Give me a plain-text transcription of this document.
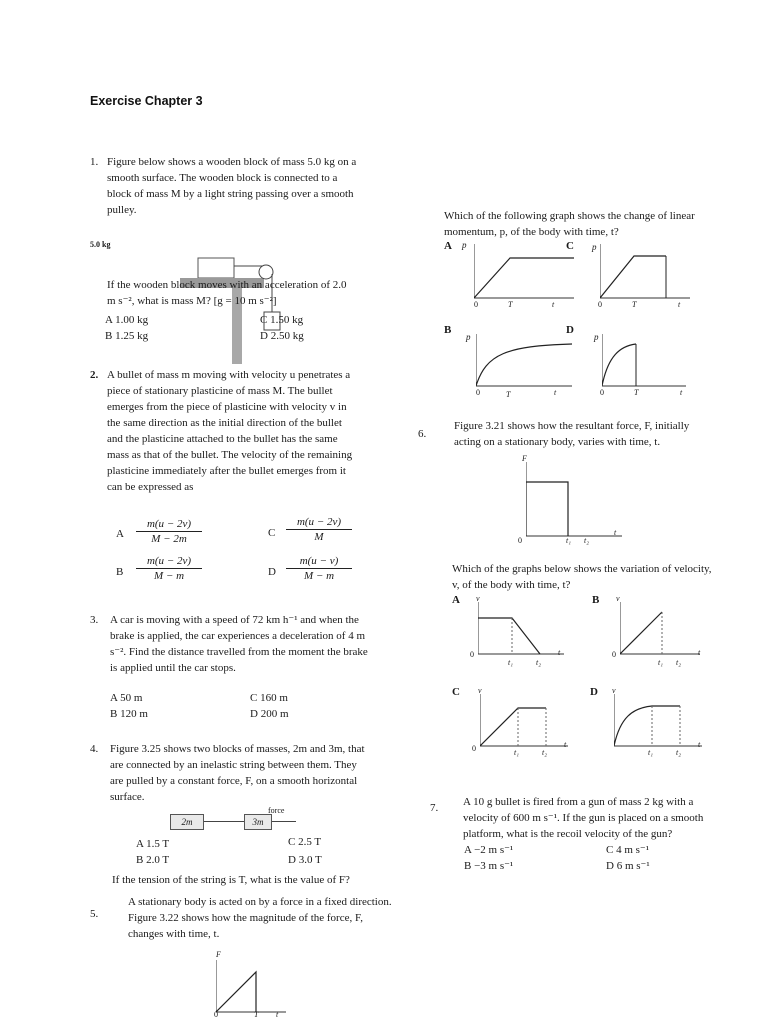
Exercise Chapter 3
1. Figure below shows a wooden block of mass 5.0 kg on a smooth surface. The wooden block is connected to a block of mass M by a light string passing over a smooth pulley.
5.0 kg
If the wooden block moves with an acceleration of 2.0 m s⁻², what is mass M? [g = 10 m s⁻²]
A 1.00 kg	C 1.50 kg
B 1.25 kg	D 2.50 kg
Which of the following graph shows the change of linear momentum, p, of the body with time, t?
A p
0	T	t
C p
0	T	t
B
p
0	T	t
D
p
0	T	t
2. A bullet of mass m moving with velocity u penetrates a piece of stationary plasticine of mass M. The bullet emerges from the piece of plasticine with velocity v in the same direction as the initial direction of the bullet and the plasticine attached to the bullet has the same mass as that of the bullet. The velocity of the remaining plasticine immediately after the bullet emerges from it can be expressed as
A $\frac{m(u - 2v)}{M - 2m}$	C $\frac{m(u - 2v)}{M}$
B $\frac{m(u - 2v)}{M - m}$	D $\frac{m(u - v)}{M - m}$
3. A car is moving with a speed of 72 km h⁻¹ and when the brake is applied, the car experiences a deceleration of 4 m s⁻². Find the distance travelled from the moment the brake is applied until the car stops.
A 50 m	C 160 m
B 120 m	D 200 m
4. Figure 3.25 shows two blocks of masses, 2m and 3m, that are connected by an inelastic string between them. They are pulled by a constant force, F, on a smooth horizontal surface.
2m	3m
force
A 1.5 T	C 2.5 T
B 2.0 T	D 3.0 T
If the tension of the string is T, what is the value of F?
5.
A stationary body is acted on by a force in a fixed direction. Figure 3.22 shows how the magnitude of the force, F, changes with time, t.
F
0	T t
6.
Figure 3.21 shows how the resultant force, F, initially acting on a stationary body, varies with time, t.
F
0	t₁ t₂
t
Which of the graphs below shows the variation of velocity, v, of the body with time, t?
A v
0
t₁	t₂
t
B v
0
t₁ t₂
t
C v
0	t₁	t₂
t
D v
t₁	t₂
t
7. A 10 g bullet is fired from a gun of mass 2 kg with a velocity of 600 m s⁻¹. If the gun is placed on a smooth platform, what is the recoil velocity of the gun?
A −2 m s⁻¹	C 4 m s⁻¹
B −3 m s⁻¹	D 6 m s⁻¹
